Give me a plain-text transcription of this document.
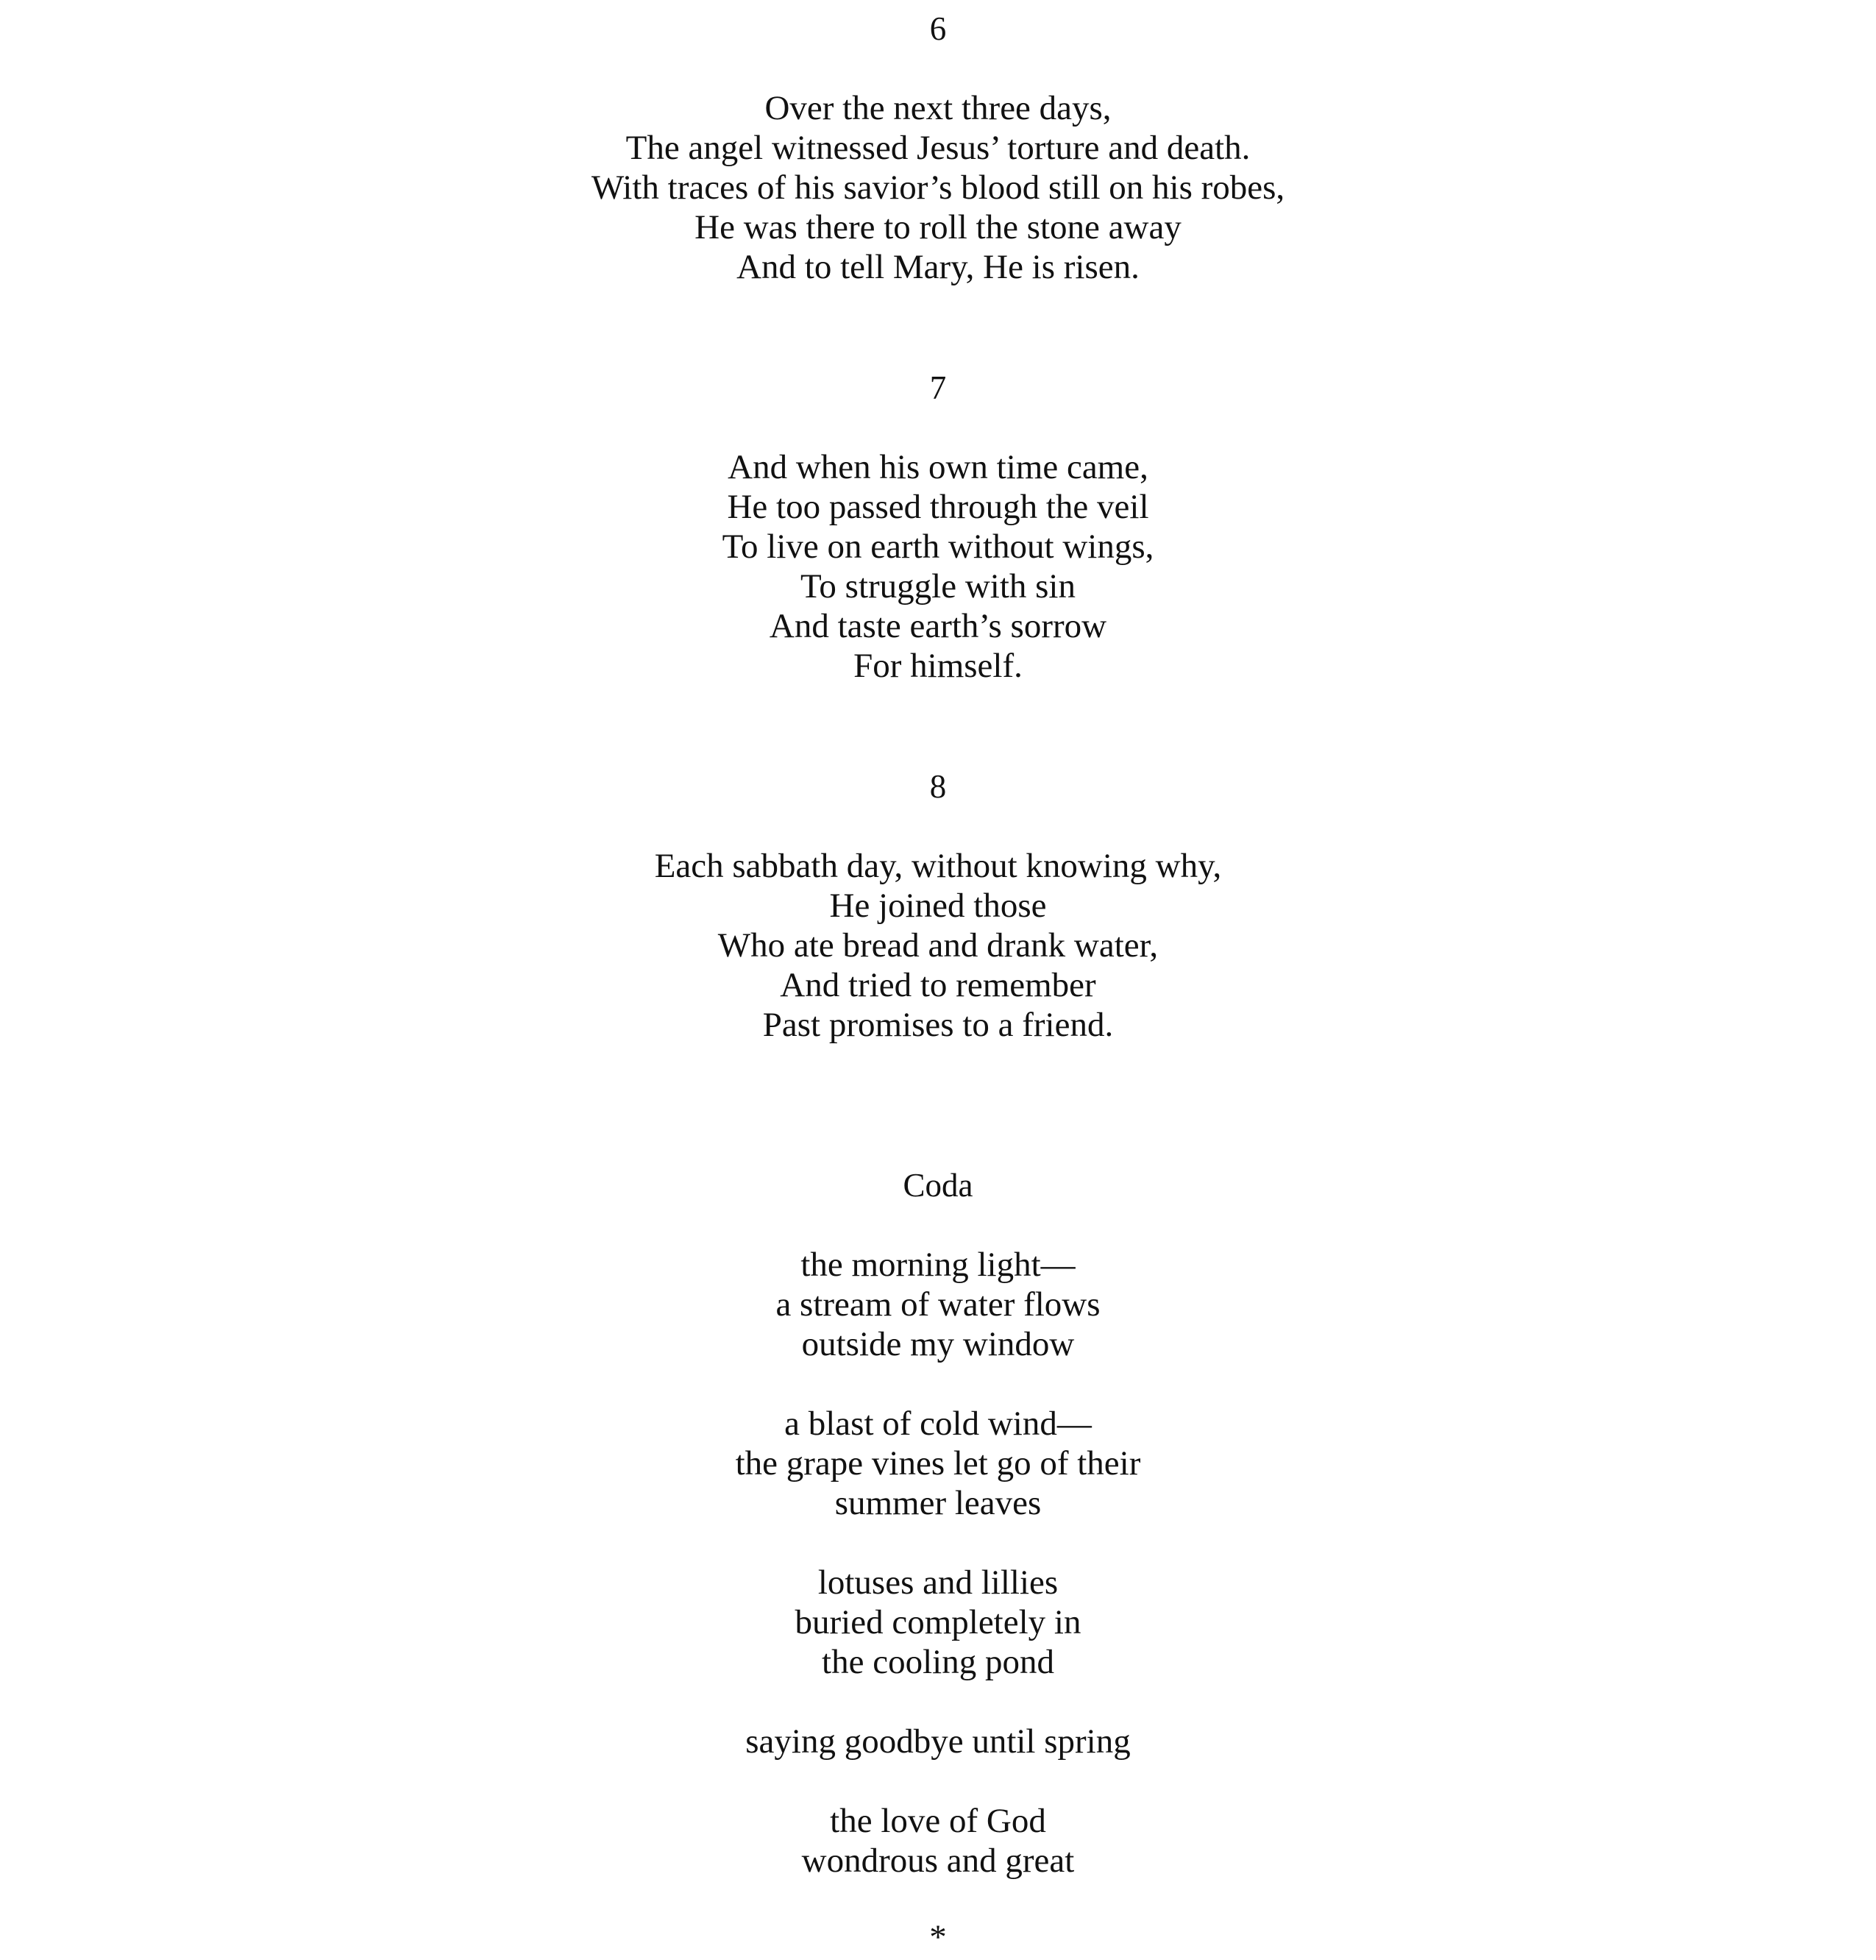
6
Over the next three days,
The angel witnessed Jesus’ torture and death.
With traces of his savior’s blood still on his robes,
He was there to roll the stone away
And to tell Mary, He is risen.
7
And when his own time came,
He too passed through the veil
To live on earth without wings,
To struggle with sin
And taste earth’s sorrow
For himself.
8
Each sabbath day, without knowing why,
He joined those
Who ate bread and drank water,
And tried to remember
Past promises to a friend.
Coda
the morning light—
a stream of water flows
outside my window
a blast of cold wind—
the grape vines let go of their
summer leaves
lotuses and lillies
buried completely in
the cooling pond
saying goodbye until spring
the love of God
wondrous and great
*
